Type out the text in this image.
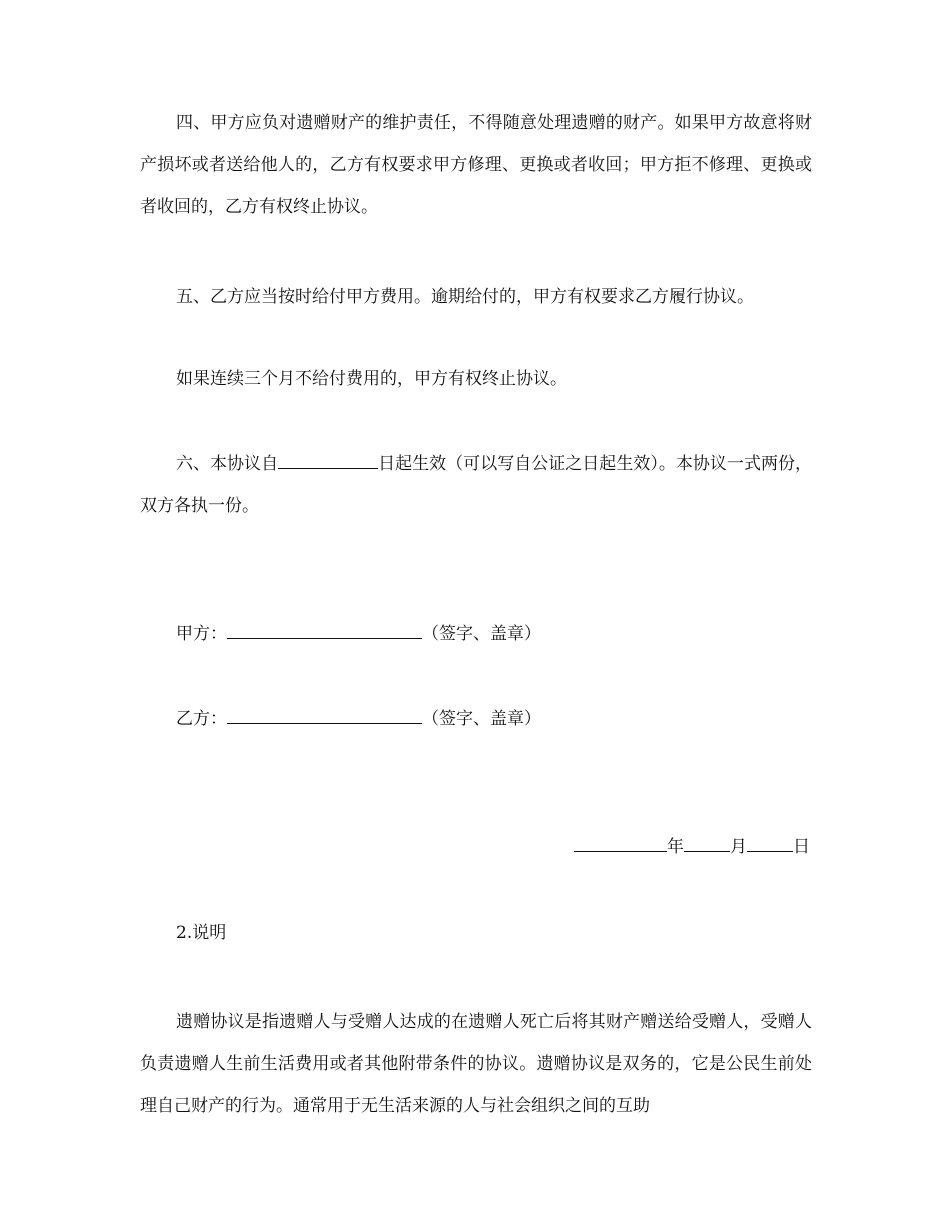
四、甲方应负对遗赠财产的维护责任，不得随意处理遗赠的财产。如果甲方故意将财产损坏或者送给他人的，乙方有权要求甲方修理、更换或者收回；甲方拒不修理、更换或者收回的，乙方有权终止协议。

五、乙方应当按时给付甲方费用。逾期给付的，甲方有权要求乙方履行协议。

如果连续三个月不给付费用的，甲方有权终止协议。

六、本协议自	日起生效（可以写自公证之日起生效）。本协议一式两份，双方各执一份。

甲方：	（签字、盖章）
乙方：	（签字、盖章）
年	月	日
2.说明

遗赠协议是指遗赠人与受赠人达成的在遗赠人死亡后将其财产赠送给受赠人，受赠人负责遗赠人生前生活费用或者其他附带条件的协议。遗赠协议是双务的，它是公民生前处理自己财产的行为。通常用于无生活来源的人与社会组织之间的互助
